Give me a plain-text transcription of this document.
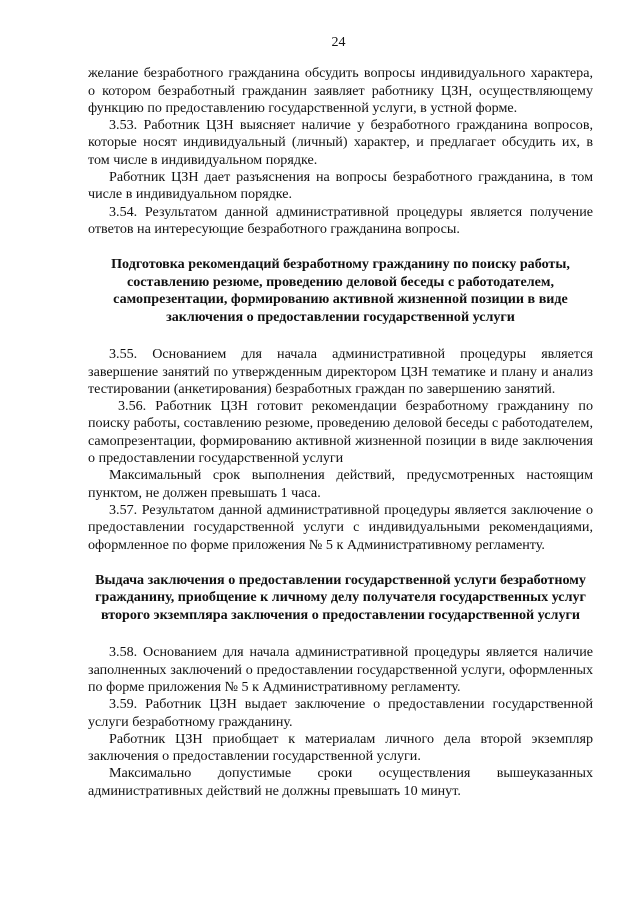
24

желание безработного гражданина обсудить вопросы индивидуального характера, о котором безработный гражданин заявляет работнику ЦЗН, осуществляющему функцию по предоставлению государственной услуги, в устной форме.

3.53. Работник ЦЗН выясняет наличие у безработного гражданина вопросов, которые носят индивидуальный (личный) характер, и предлагает обсудить их, в том числе в индивидуальном порядке.

Работник ЦЗН дает разъяснения на вопросы безработного гражданина, в том числе в индивидуальном порядке.

3.54. Результатом данной административной процедуры является получение ответов на интересующие безработного гражданина вопросы.

Подготовка рекомендаций безработному гражданину по поиску работы, составлению резюме, проведению деловой беседы с работодателем, самопрезентации, формированию активной жизненной позиции в виде заключения о предоставлении государственной услуги

3.55. Основанием для начала административной процедуры является завершение занятий по утвержденным директором ЦЗН тематике и плану и анализ тестировании (анкетирования) безработных граждан по завершению занятий.

3.56. Работник ЦЗН готовит рекомендации безработному гражданину по поиску работы, составлению резюме, проведению деловой беседы с работодателем, самопрезентации, формированию активной жизненной позиции в виде заключения о предоставлении государственной услуги

Максимальный срок выполнения действий, предусмотренных настоящим пунктом, не должен превышать 1 часа.

3.57. Результатом данной административной процедуры является заключение о предоставлении государственной услуги с индивидуальными рекомендациями, оформленное по форме приложения № 5 к Административному регламенту.

Выдача заключения о предоставлении государственной услуги безработному гражданину, приобщение к личному делу получателя государственных услуг второго экземпляра заключения о предоставлении государственной услуги

3.58. Основанием для начала административной процедуры является наличие заполненных заключений о предоставлении государственной услуги, оформленных по форме приложения № 5 к Административному регламенту.

3.59. Работник ЦЗН выдает заключение о предоставлении государственной услуги безработному гражданину.

Работник ЦЗН приобщает к материалам личного дела второй экземпляр заключения о предоставлении государственной услуги.

Максимально допустимые сроки осуществления вышеуказанных административных действий не должны превышать 10 минут.
